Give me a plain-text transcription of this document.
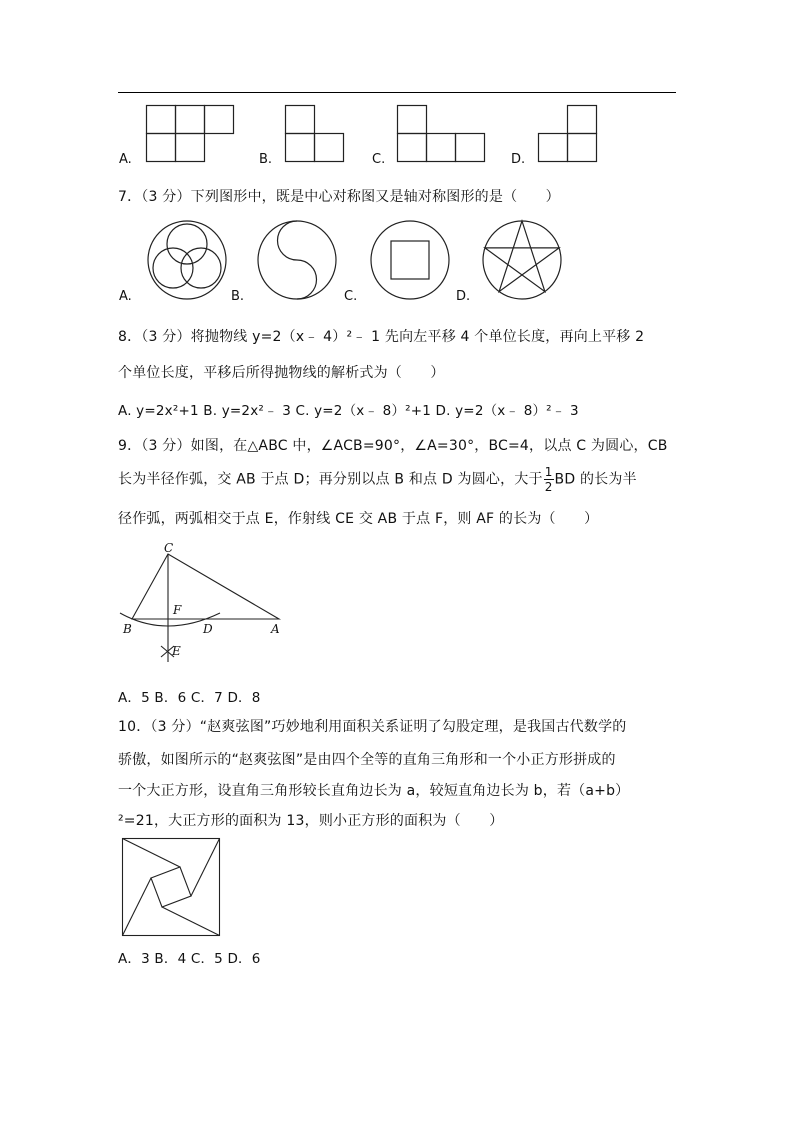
A.	B.	C.	D.
7．（3 分）下列图形中，既是中心对称图又是轴对称图形的是（　　）
A.	B.	C.	D.
8．（3 分）将抛物线 y=2（x﹣ 4）²﹣ 1 先向左平移 4 个单位长度，再向上平移 2
个单位长度，平移后所得抛物线的解析式为（　　）
A. y=2x²+1 B. y=2x²﹣ 3 C. y=2（x﹣ 8）²+1 D. y=2（x﹣ 8）²﹣ 3
9．（3 分）如图，在△ABC 中，∠ACB=90°，∠A=30°，BC=4，以点 C 为圆心，CB
长为半径作弧，交 AB 于点 D；再分别以点 B 和点 D 为圆心，大于 $\frac{1}{2}$ BD 的长为半
径作弧，两弧相交于点 E，作射线 CE 交 AB 于点 F，则 AF 的长为（　　）
C
F
B	D	A
E
A．5 B．6 C．7 D．8
10．（3 分）“赵爽弦图”巧妙地利用面积关系证明了勾股定理，是我国古代数学的
骄傲，如图所示的“赵爽弦图”是由四个全等的直角三角形和一个小正方形拼成的
一个大正方形，设直角三角形较长直角边长为 a，较短直角边长为 b，若（a+b）
²=21，大正方形的面积为 13，则小正方形的面积为（　　）
A．3 B．4 C．5 D．6
